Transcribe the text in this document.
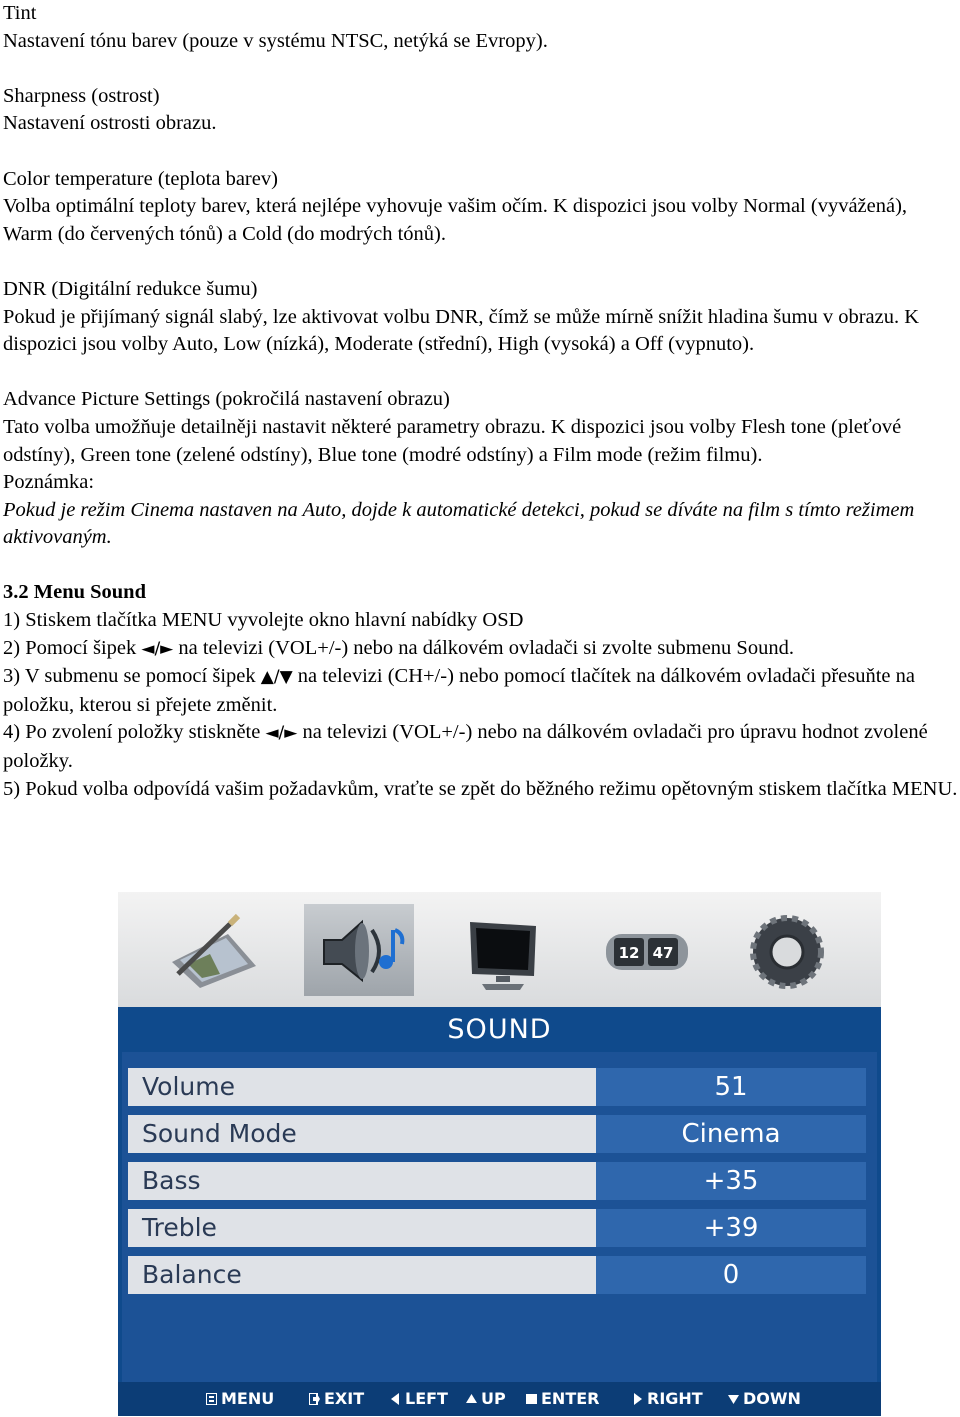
Tint

Nastavení tónu barev (pouze v systému NTSC, netýká se Evropy).

Sharpness (ostrost)

Nastavení ostrosti obrazu.

Color temperature (teplota barev)

Volba optimální teploty barev, která nejlépe vyhovuje vašim očím. K dispozici jsou volby Normal (vyvážená), Warm (do červených tónů) a Cold (do modrých tónů).

DNR (Digitální redukce šumu)

Pokud je přijímaný signál slabý, lze aktivovat volbu DNR, čímž se může mírně snížit hladina šumu v obrazu. K dispozici jsou volby Auto, Low (nízká), Moderate (střední), High (vysoká) a Off (vypnuto).

Advance Picture Settings (pokročilá nastavení obrazu)

Tato volba umožňuje detailněji nastavit některé parametry obrazu. K dispozici jsou volby Flesh tone (pleťové odstíny), Green tone (zelené odstíny), Blue tone (modré odstíny) a Film mode (režim filmu).

Poznámka:

Pokud je režim Cinema nastaven na Auto, dojde k automatické detekci, pokud se díváte na film s tímto režimem aktivovaným.

3.2 Menu Sound

1) Stiskem tlačítka MENU vyvolejte okno hlavní nabídky OSD

2) Pomocí šipek ◄/► na televizi (VOL+/-) nebo na dálkovém ovladači si zvolte submenu Sound.

3) V submenu se pomocí šipek ▲/▼ na televizi (CH+/-) nebo pomocí tlačítek na dálkovém ovladači přesuňte na položku, kterou si přejete změnit.

4) Po zvolení položky stiskněte ◄/► na televizi (VOL+/-) nebo na dálkovém ovladači pro úpravu hodnot zvolené položky.

5) Pokud volba odpovídá vašim požadavkům, vraťte se zpět do běžného režimu opětovným stiskem tlačítka MENU.

12 47
SOUND
Volume	51
Sound Mode	Cinema
Bass	+35
Treble	+39
Balance	0
MENU	EXIT	LEFT	UP	ENTER	RIGHT	DOWN
